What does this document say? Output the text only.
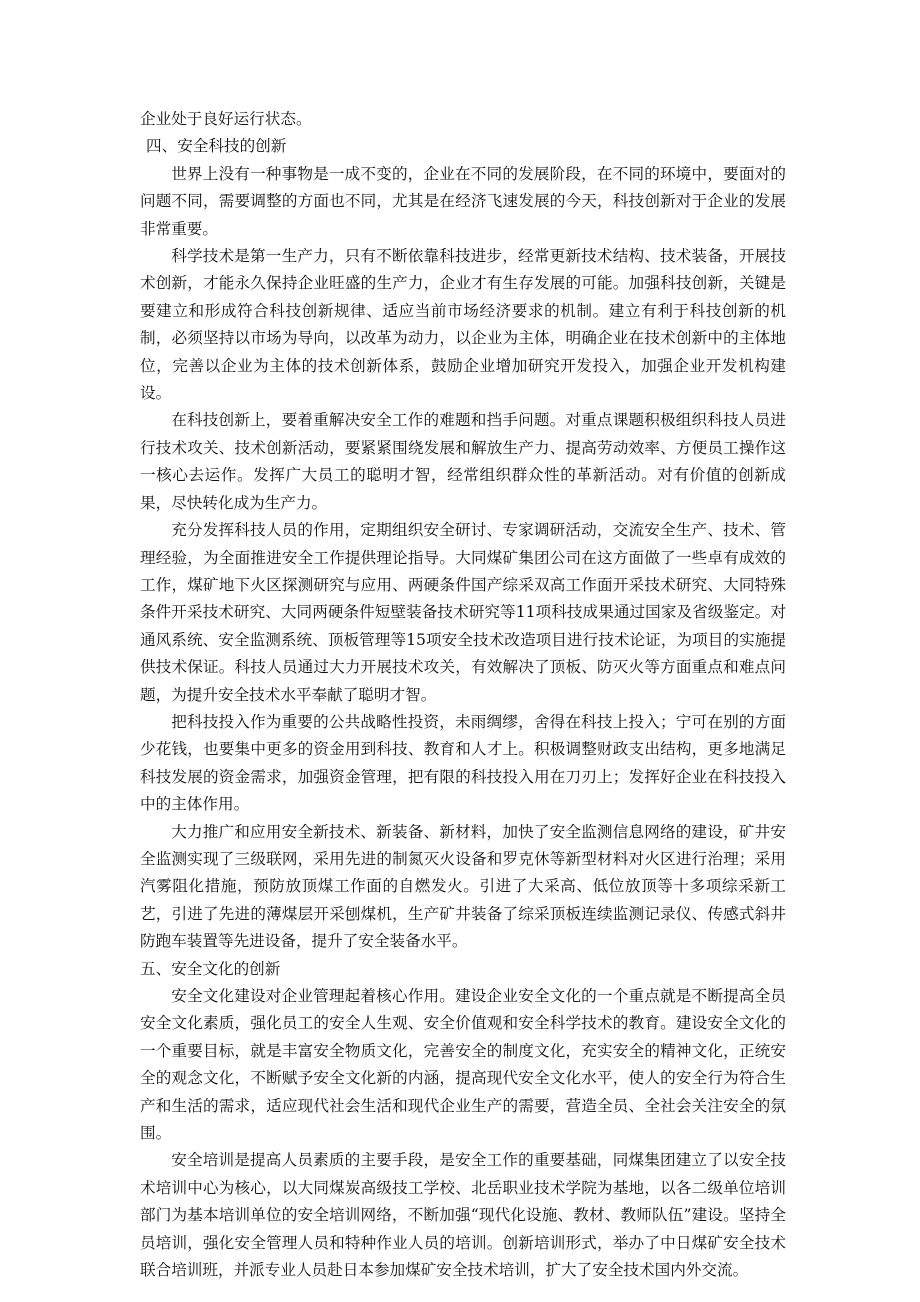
企业处于良好运行状态。

四、安全科技的创新

世界上没有一种事物是一成不变的，企业在不同的发展阶段，在不同的环境中，要面对的问题不同，需要调整的方面也不同，尤其是在经济飞速发展的今天，科技创新对于企业的发展非常重要。

科学技术是第一生产力，只有不断依靠科技进步，经常更新技术结构、技术装备，开展技术创新，才能永久保持企业旺盛的生产力，企业才有生存发展的可能。加强科技创新，关键是要建立和形成符合科技创新规律、适应当前市场经济要求的机制。建立有利于科技创新的机制，必须坚持以市场为导向，以改革为动力，以企业为主体，明确企业在技术创新中的主体地位，完善以企业为主体的技术创新体系，鼓励企业增加研究开发投入，加强企业开发机构建设。

在科技创新上，要着重解决安全工作的难题和挡手问题。对重点课题积极组织科技人员进行技术攻关、技术创新活动，要紧紧围绕发展和解放生产力、提高劳动效率、方便员工操作这一核心去运作。发挥广大员工的聪明才智，经常组织群众性的革新活动。对有价值的创新成果，尽快转化成为生产力。

充分发挥科技人员的作用，定期组织安全研讨、专家调研活动，交流安全生产、技术、管理经验，为全面推进安全工作提供理论指导。大同煤矿集团公司在这方面做了一些卓有成效的工作，煤矿地下火区探测研究与应用、两硬条件国产综采双高工作面开采技术研究、大同特殊条件开采技术研究、大同两硬条件短壁装备技术研究等11项科技成果通过国家及省级鉴定。对通风系统、安全监测系统、顶板管理等15项安全技术改造项目进行技术论证，为项目的实施提供技术保证。科技人员通过大力开展技术攻关，有效解决了顶板、防灭火等方面重点和难点问题，为提升安全技术水平奉献了聪明才智。

把科技投入作为重要的公共战略性投资，未雨绸缪，舍得在科技上投入；宁可在别的方面少花钱，也要集中更多的资金用到科技、教育和人才上。积极调整财政支出结构，更多地满足科技发展的资金需求，加强资金管理，把有限的科技投入用在刀刃上；发挥好企业在科技投入中的主体作用。

大力推广和应用安全新技术、新装备、新材料，加快了安全监测信息网络的建设，矿井安全监测实现了三级联网，采用先进的制氮灭火设备和罗克休等新型材料对火区进行治理；采用汽雾阻化措施，预防放顶煤工作面的自燃发火。引进了大采高、低位放顶等十多项综采新工艺，引进了先进的薄煤层开采刨煤机，生产矿井装备了综采顶板连续监测记录仪、传感式斜井防跑车装置等先进设备，提升了安全装备水平。

五、安全文化的创新

安全文化建设对企业管理起着核心作用。建设企业安全文化的一个重点就是不断提高全员安全文化素质，强化员工的安全人生观、安全价值观和安全科学技术的教育。建设安全文化的一个重要目标，就是丰富安全物质文化，完善安全的制度文化，充实安全的精神文化，正统安全的观念文化，不断赋予安全文化新的内涵，提高现代安全文化水平，使人的安全行为符合生产和生活的需求，适应现代社会生活和现代企业生产的需要，营造全员、全社会关注安全的氛围。

安全培训是提高人员素质的主要手段，是安全工作的重要基础，同煤集团建立了以安全技术培训中心为核心，以大同煤炭高级技工学校、北岳职业技术学院为基地，以各二级单位培训部门为基本培训单位的安全培训网络，不断加强“现代化设施、教材、教师队伍”建设。坚持全员培训，强化安全管理人员和特种作业人员的培训。创新培训形式，举办了中日煤矿安全技术联合培训班，并派专业人员赴日本参加煤矿安全技术培训，扩大了安全技术国内外交流。
